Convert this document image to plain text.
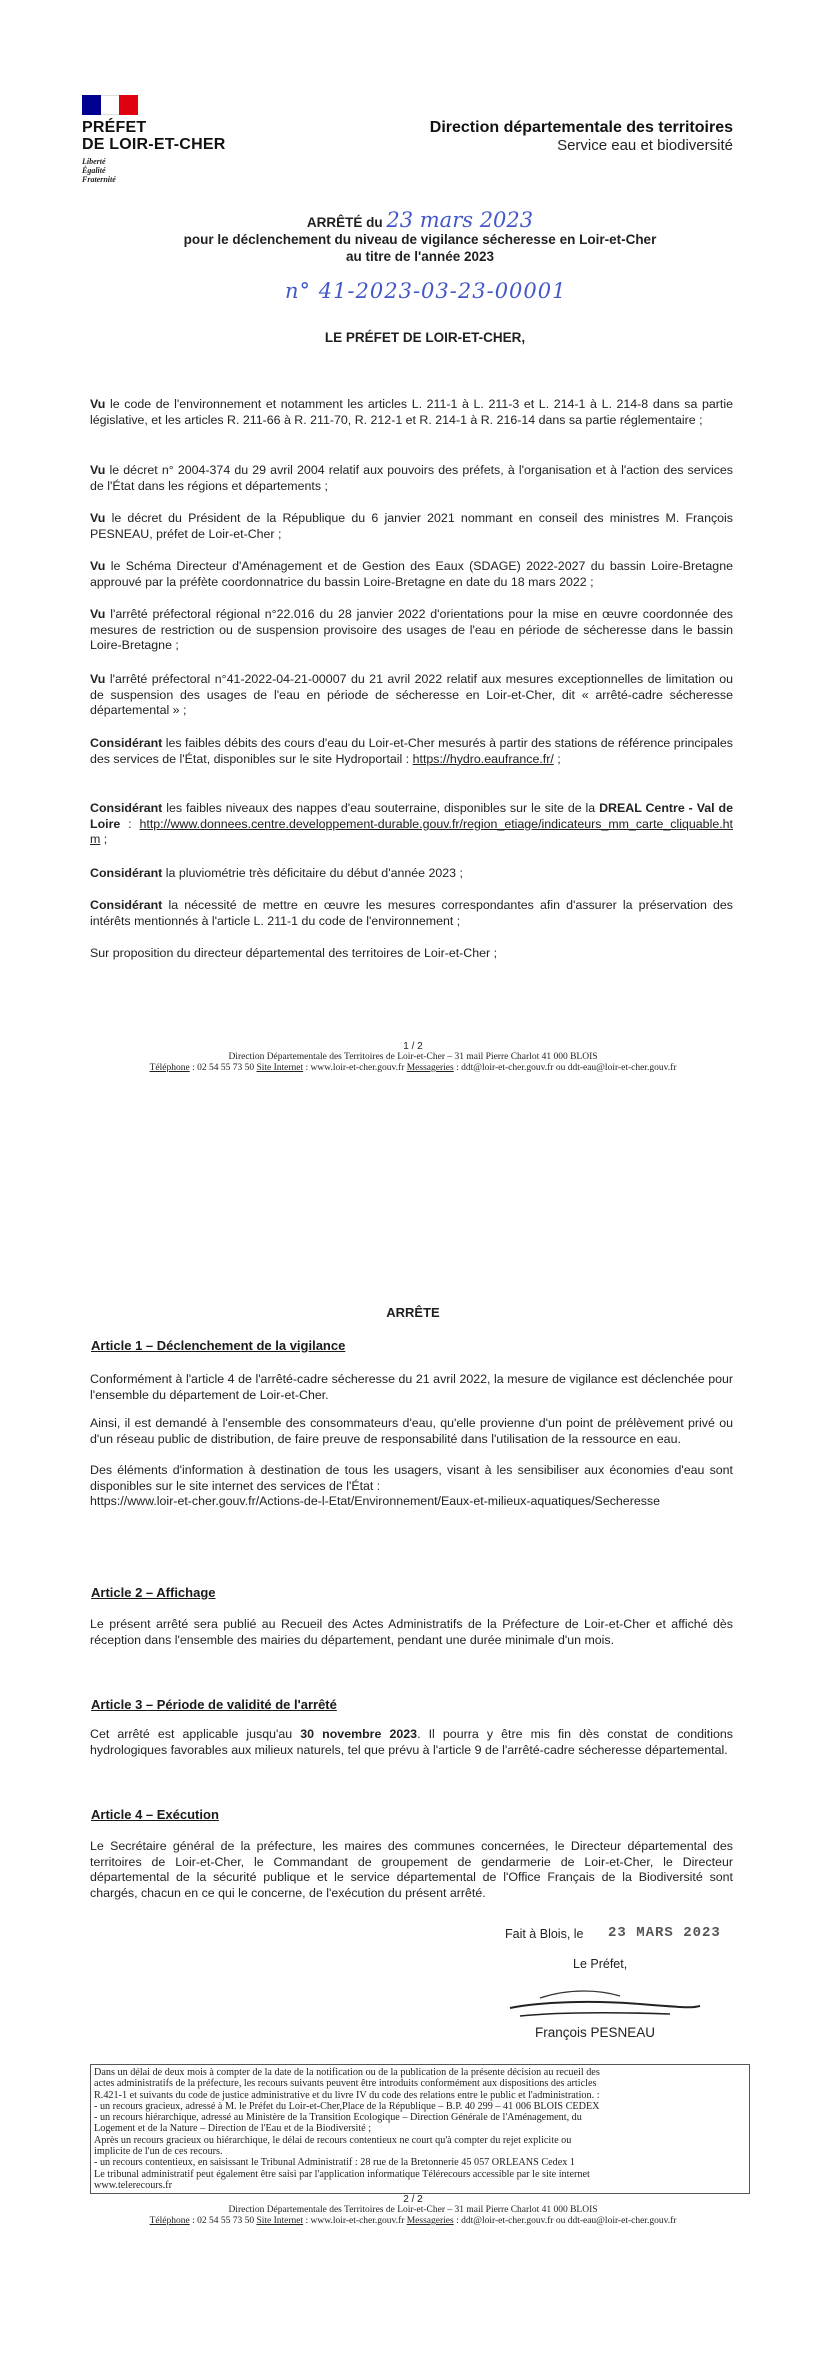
PRÉFET
DE LOIR-ET-CHER
Liberté
Égalité
Fraternité
Direction départementale des territoires
Service eau et biodiversité
ARRÊTÉ du 23 mars 2023
pour le déclenchement du niveau de vigilance sécheresse en Loir-et-Cher
au titre de l'année 2023
n° 41-2023-03-23-00001
LE PRÉFET DE LOIR-ET-CHER,
Vu le code de l'environnement et notamment les articles L. 211-1 à L. 211-3 et L. 214-1 à L. 214-8 dans sa partie législative, et les articles R. 211-66 à R. 211-70, R. 212-1 et R. 214-1 à R. 216-14 dans sa partie réglementaire ;
Vu le décret n° 2004-374 du 29 avril 2004 relatif aux pouvoirs des préfets, à l'organisation et à l'action des services de l'État dans les régions et départements ;
Vu le décret du Président de la République du 6 janvier 2021 nommant en conseil des ministres M. François PESNEAU, préfet de Loir-et-Cher ;
Vu le Schéma Directeur d'Aménagement et de Gestion des Eaux (SDAGE) 2022-2027 du bassin Loire-Bretagne approuvé par la préfète coordonnatrice du bassin Loire-Bretagne en date du 18 mars 2022 ;
Vu l'arrêté préfectoral régional n°22.016 du 28 janvier 2022 d'orientations pour la mise en œuvre coordonnée des mesures de restriction ou de suspension provisoire des usages de l'eau en période de sécheresse dans le bassin Loire-Bretagne ;
Vu l'arrêté préfectoral n°41-2022-04-21-00007 du 21 avril 2022 relatif aux mesures exceptionnelles de limitation ou de suspension des usages de l'eau en période de sécheresse en Loir-et-Cher, dit « arrêté-cadre sécheresse départemental » ;
Considérant les faibles débits des cours d'eau du Loir-et-Cher mesurés à partir des stations de référence principales des services de l'État, disponibles sur le site Hydroportail : https://hydro.eaufrance.fr/ ;
Considérant les faibles niveaux des nappes d'eau souterraine, disponibles sur le site de la DREAL Centre - Val de Loire : http://www.donnees.centre.developpement-durable.gouv.fr/region_etiage/indicateurs_mm_carte_cliquable.htm ;
Considérant la pluviométrie très déficitaire du début d'année 2023 ;
Considérant la nécessité de mettre en œuvre les mesures correspondantes afin d'assurer la préservation des intérêts mentionnés à l'article L. 211-1 du code de l'environnement ;
Sur proposition du directeur départemental des territoires de Loir-et-Cher ;
1 / 2
Direction Départementale des Territoires de Loir-et-Cher – 31 mail Pierre Charlot 41 000 BLOIS
Téléphone : 02 54 55 73 50 Site Internet : www.loir-et-cher.gouv.fr Messageries : ddt@loir-et-cher.gouv.fr ou ddt-eau@loir-et-cher.gouv.fr
ARRÊTE
Article 1 – Déclenchement de la vigilance
Conformément à l'article 4 de l'arrêté-cadre sécheresse du 21 avril 2022, la mesure de vigilance est déclenchée pour l'ensemble du département de Loir-et-Cher.
Ainsi, il est demandé à l'ensemble des consommateurs d'eau, qu'elle provienne d'un point de prélèvement privé ou d'un réseau public de distribution, de faire preuve de responsabilité dans l'utilisation de la ressource en eau.
Des éléments d'information à destination de tous les usagers, visant à les sensibiliser aux économies d'eau sont disponibles sur le site internet des services de l'État :
https://www.loir-et-cher.gouv.fr/Actions-de-l-Etat/Environnement/Eaux-et-milieux-aquatiques/Secheresse
Article 2 – Affichage
Le présent arrêté sera publié au Recueil des Actes Administratifs de la Préfecture de Loir-et-Cher et affiché dès réception dans l'ensemble des mairies du département, pendant une durée minimale d'un mois.
Article 3 – Période de validité de l'arrêté
Cet arrêté est applicable jusqu'au 30 novembre 2023. Il pourra y être mis fin dès constat de conditions hydrologiques favorables aux milieux naturels, tel que prévu à l'article 9 de l'arrêté-cadre sécheresse départemental.
Article 4 – Exécution
Le Secrétaire général de la préfecture, les maires des communes concernées, le Directeur départemental des territoires de Loir-et-Cher, le Commandant de groupement de gendarmerie de Loir-et-Cher, le Directeur départemental de la sécurité publique et le service départemental de l'Office Français de la Biodiversité sont chargés, chacun en ce qui le concerne, de l'exécution du présent arrêté.
Fait à Blois, le 23 MARS 2023
Le Préfet,
François PESNEAU
Dans un délai de deux mois à compter de la date de la notification ou de la publication de la présente décision au recueil des
actes administratifs de la préfecture, les recours suivants peuvent être introduits conformément aux dispositions des articles
R.421-1 et suivants du code de justice administrative et du livre IV du code des relations entre le public et l'administration. :
- un recours gracieux, adressé à M. le Préfet du Loir-et-Cher,Place de la République – B.P. 40 299 – 41 006 BLOIS CEDEX
- un recours hiérarchique, adressé au Ministère de la Transition Écologique – Direction Générale de l'Aménagement, du
Logement et de la Nature – Direction de l'Eau et de la Biodiversité ;
Après un recours gracieux ou hiérarchique, le délai de recours contentieux ne court qu'à compter du rejet explicite ou
implicite de l'un de ces recours.
- un recours contentieux, en saisissant le Tribunal Administratif : 28 rue de la Bretonnerie 45 057 ORLEANS Cedex 1
Le tribunal administratif peut également être saisi par l'application informatique Télérecours accessible par le site internet
www.telerecours.fr
2 / 2
Direction Départementale des Territoires de Loir-et-Cher – 31 mail Pierre Charlot 41 000 BLOIS
Téléphone : 02 54 55 73 50 Site Internet : www.loir-et-cher.gouv.fr Messageries : ddt@loir-et-cher.gouv.fr ou ddt-eau@loir-et-cher.gouv.fr
